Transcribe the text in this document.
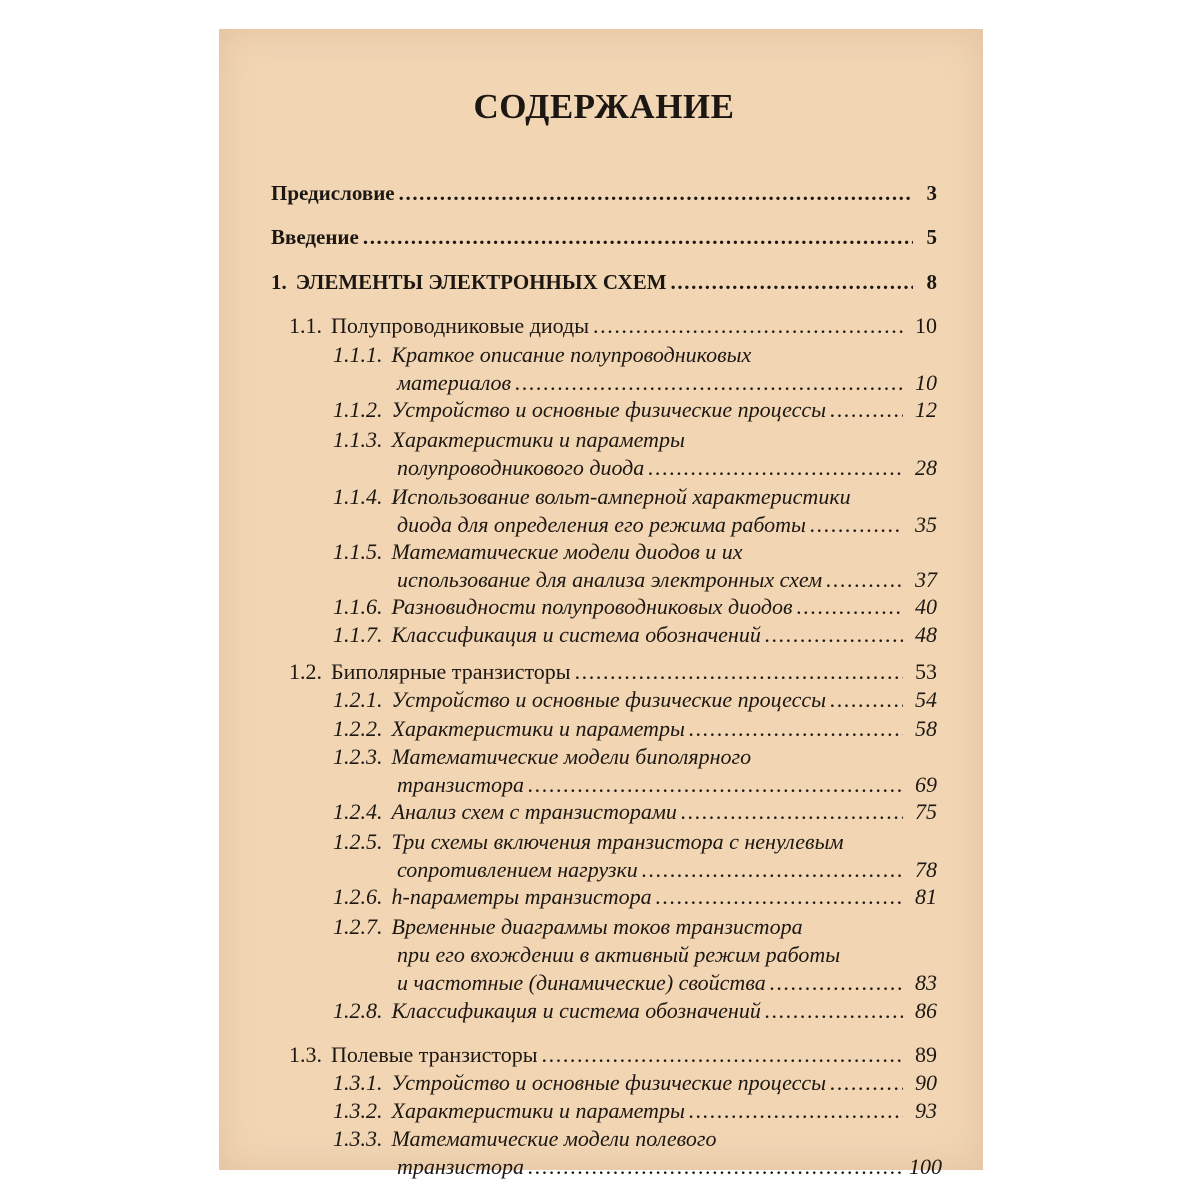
СОДЕРЖАНИЕ
Предисловие .....	3
Введение .....	5
1. ЭЛЕМЕНТЫ ЭЛЕКТРОННЫХ СХЕМ .....	8
1.1. Полупроводниковые диоды .....	10
1.1.1. Краткое описание полупроводниковых
материалов .....	10
1.1.2. Устройство и основные физические процессы .....	12
1.1.3. Характеристики и параметры
полупроводникового диода .....	28
1.1.4. Использование вольт-амперной характеристики
диода для определения его режима работы .....	35
1.1.5. Математические модели диодов и их
использование для анализа электронных схем .....	37
1.1.6. Разновидности полупроводниковых диодов .....	40
1.1.7. Классификация и система обозначений .....	48
1.2. Биполярные транзисторы .....	53
1.2.1. Устройство и основные физические процессы .....	54
1.2.2. Характеристики и параметры .....	58
1.2.3. Математические модели биполярного
транзистора .....	69
1.2.4. Анализ схем с транзисторами .....	75
1.2.5. Три схемы включения транзистора с ненулевым
сопротивлением нагрузки .....	78
1.2.6. h-параметры транзистора .....	81
1.2.7. Временные диаграммы токов транзистора
при его вхождении в активный режим работы
и частотные (динамические) свойства .....	83
1.2.8. Классификация и система обозначений .....	86
1.3. Полевые транзисторы .....	89
1.3.1. Устройство и основные физические процессы .....	90
1.3.2. Характеристики и параметры .....	93
1.3.3. Математические модели полевого
транзистора .....	100
